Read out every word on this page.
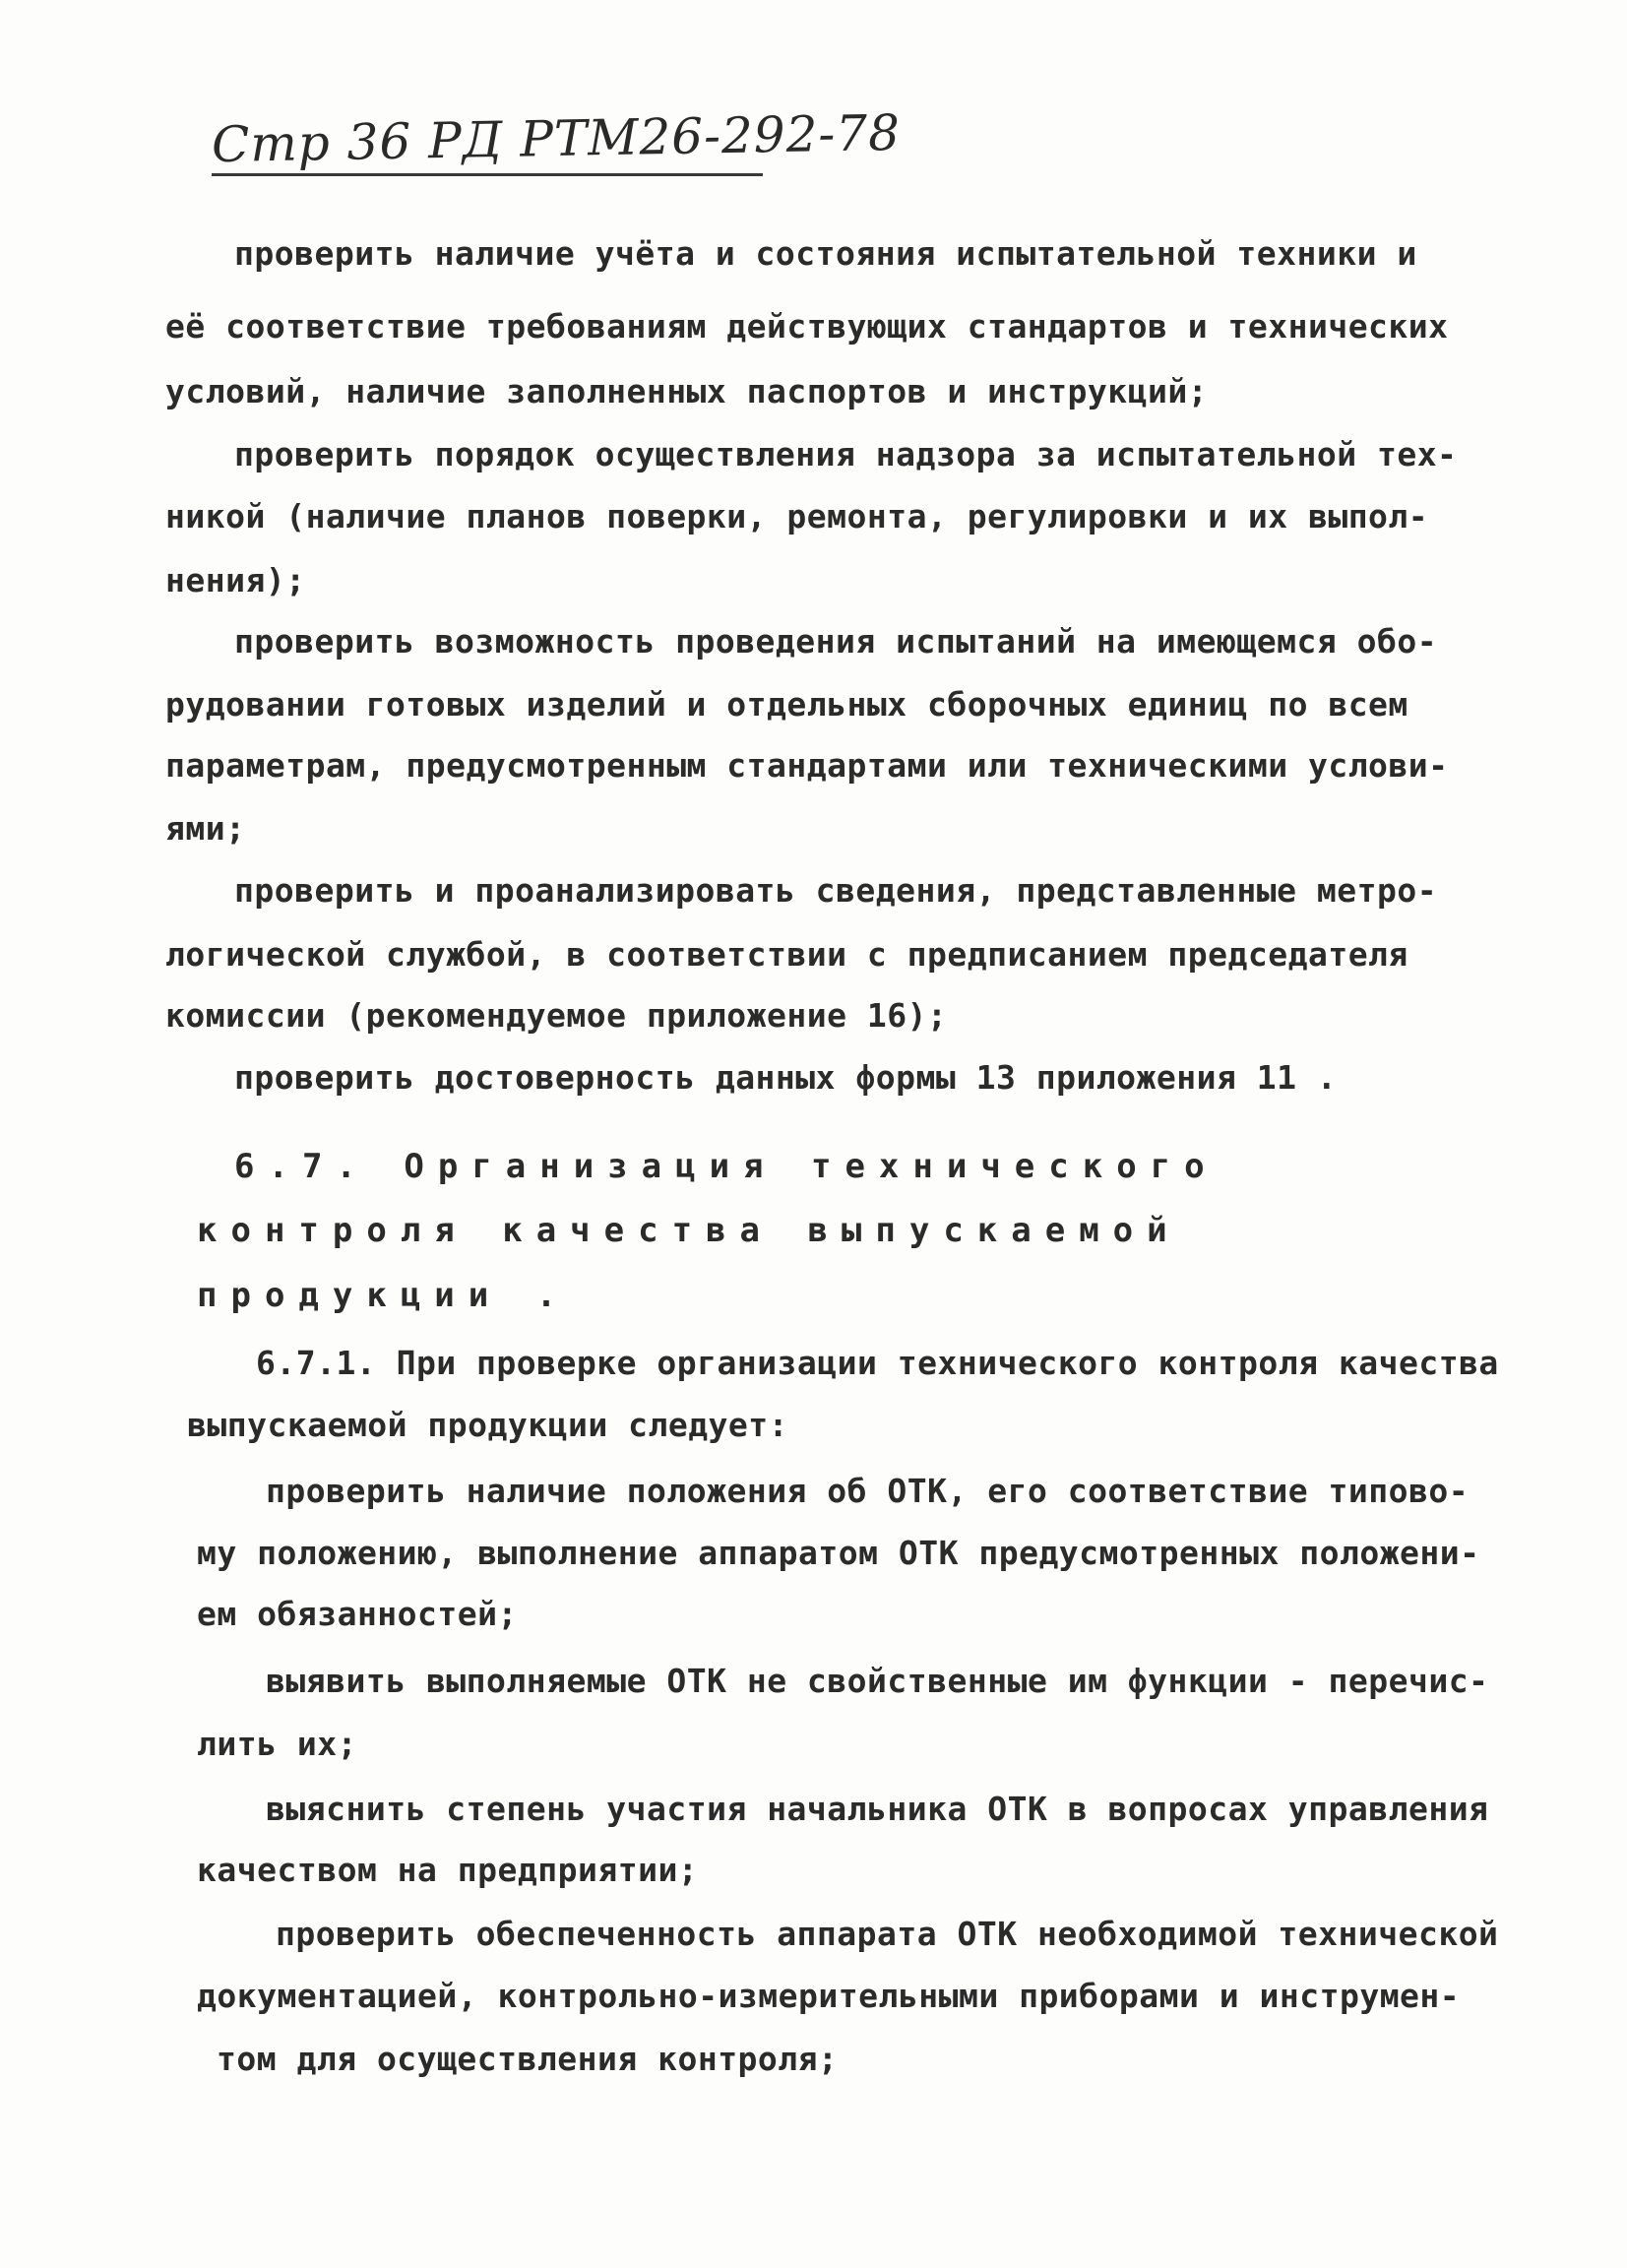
Стр 36 РД РТМ26-292-78
проверить наличие учёта и состояния испытательной техники и
её соответствие требованиям действующих стандартов и технических
условий, наличие заполненных паспортов и инструкций;
проверить порядок осуществления надзора за испытательной тех-
никой (наличие планов поверки, ремонта, регулировки и их выпол-
нения);
проверить возможность проведения испытаний на имеющемся обо-
рудовании готовых изделий и отдельных сборочных единиц по всем
параметрам, предусмотренным стандартами или техническими услови-
ями;
проверить и проанализировать сведения, представленные метро-
логической службой, в соответствии с предписанием председателя
комиссии (рекомендуемое приложение 16);
проверить достоверность данных формы 13 приложения 11 .
6.7. Организация технического
контроля качества выпускаемой
продукции .
6.7.1. При проверке организации технического контроля качества
выпускаемой продукции следует:
проверить наличие положения об ОТК, его соответствие типово-
му положению, выполнение аппаратом ОТК предусмотренных положени-
ем обязанностей;
выявить выполняемые ОТК не свойственные им функции - перечис-
лить их;
выяснить степень участия начальника ОТК в вопросах управления
качеством на предприятии;
проверить обеспеченность аппарата ОТК необходимой технической
документацией, контрольно-измерительными приборами и инструмен-
том для осуществления контроля;
